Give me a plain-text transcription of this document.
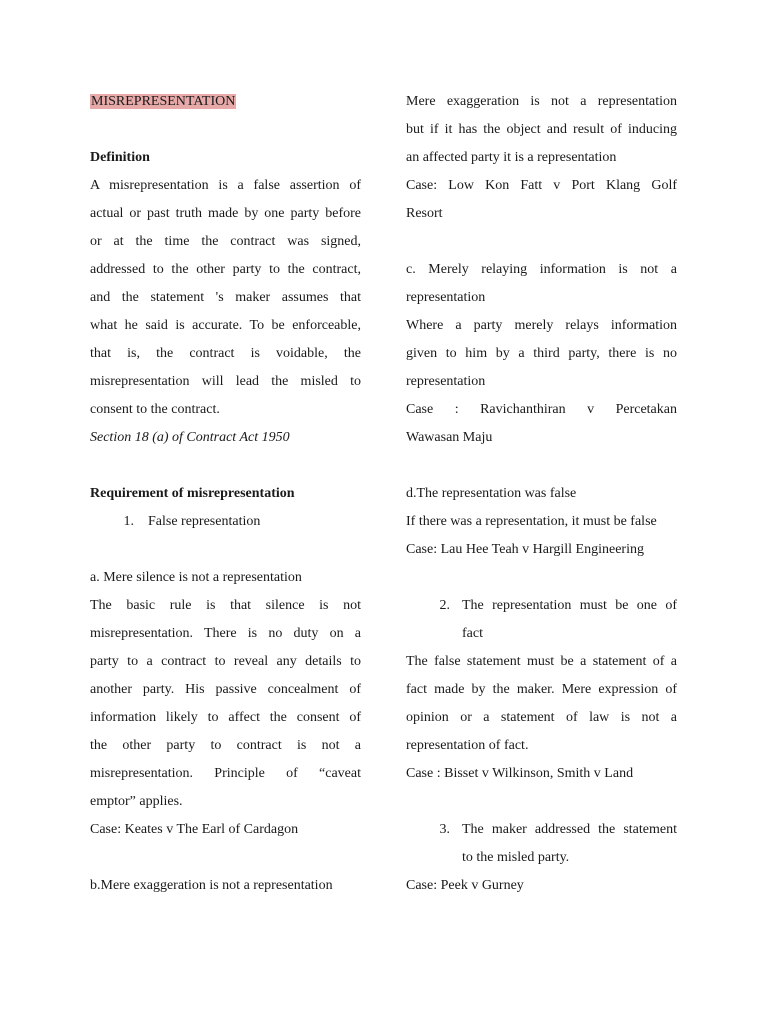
MISREPRESENTATION
Definition
A misrepresentation is a false assertion of
actual or past truth made by one party before
or at the time the contract was signed,
addressed to the other party to the contract,
and the statement 's maker assumes that
what he said is accurate. To be enforceable,
that is, the contract is voidable, the
misrepresentation will lead the misled to
consent to the contract.
Section 18 (a) of Contract Act 1950
Requirement of misrepresentation
1.	False representation
a. Mere silence is not a representation
The basic rule is that silence is not
misrepresentation. There is no duty on a
party to a contract to reveal any details to
another party. His passive concealment of
information likely to affect the consent of
the other party to contract is not a
misrepresentation. Principle of “caveat
emptor” applies.
Case: Keates v The Earl of Cardagon
b.Mere exaggeration is not a representation
Mere exaggeration is not a representation
but if it has the object and result of inducing
an affected party it is a representation
Case: Low Kon Fatt v Port Klang Golf
Resort
c. Merely relaying information is not a
representation
Where a party merely relays information
given to him by a third party, there is no
representation
Case : Ravichanthiran v Percetakan
Wawasan Maju
d.The representation was false
If there was a representation, it must be false
Case: Lau Hee Teah v Hargill Engineering
2. The representation must be one of
fact
The false statement must be a statement of a
fact made by the maker. Mere expression of
opinion or a statement of law is not a
representation of fact.
Case : Bisset v Wilkinson, Smith v Land
3. The maker addressed the statement
to the misled party.
Case: Peek v Gurney
